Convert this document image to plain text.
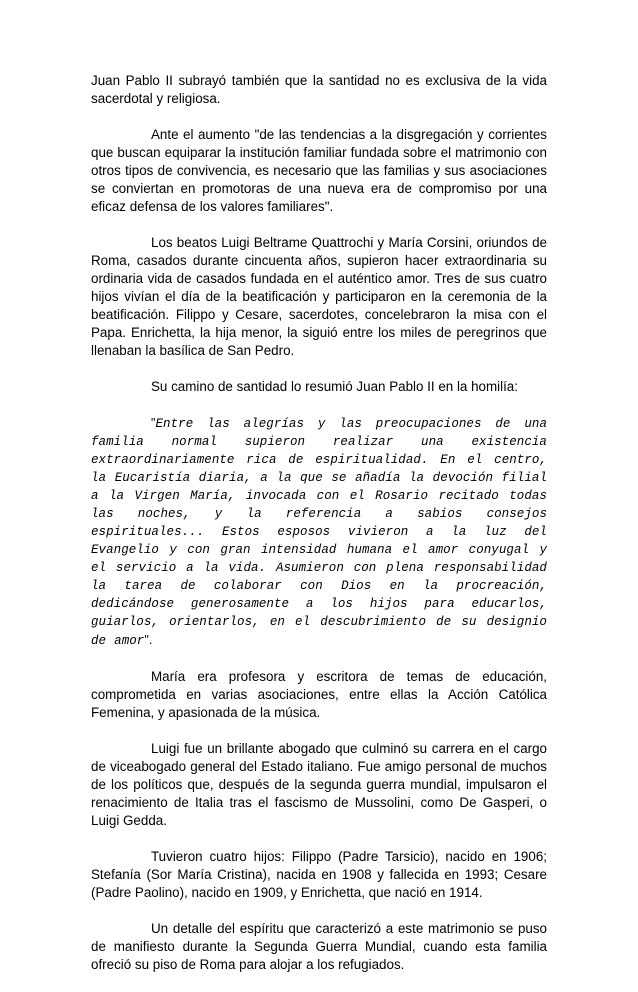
Juan Pablo II subrayó también que la santidad no es exclusiva de la vida sacerdotal y religiosa.

Ante el aumento "de las tendencias a la disgregación y corrientes que buscan equiparar la institución familiar fundada sobre el matrimonio con otros tipos de convivencia, es necesario que las familias y sus asociaciones se conviertan en promotoras de una nueva era de compromiso por una eficaz defensa de los valores familiares".

Los beatos Luigi Beltrame Quattrochi y María Corsini, oriundos de Roma, casados durante cincuenta años, supieron hacer extraordinaria su ordinaria vida de casados fundada en el auténtico amor. Tres de sus cuatro hijos vivían el día de la beatificación y participaron en la ceremonia de la beatificación. Filippo y Cesare, sacerdotes, concelebraron la misa con el Papa. Enrichetta, la hija menor, la siguió entre los miles de peregrinos que llenaban la basílica de San Pedro.

Su camino de santidad lo resumió Juan Pablo II en la homilía:

"Entre las alegrías y las preocupaciones de una familia normal supieron realizar una existencia extraordinariamente rica de espiritualidad. En el centro, la Eucaristía diaria, a la que se añadía la devoción filial a la Virgen María, invocada con el Rosario recitado todas las noches, y la referencia a sabios consejos espirituales... Estos esposos vivieron a la luz del Evangelio y con gran intensidad humana el amor conyugal y el servicio a la vida. Asumieron con plena responsabilidad la tarea de colaborar con Dios en la procreación, dedicándose generosamente a los hijos para educarlos, guiarlos, orientarlos, en el descubrimiento de su designio de amor".

María era profesora y escritora de temas de educación, comprometida en varias asociaciones, entre ellas la Acción Católica Femenina, y apasionada de la música.

Luigi fue un brillante abogado que culminó su carrera en el cargo de viceabogado general del Estado italiano. Fue amigo personal de muchos de los políticos que, después de la segunda guerra mundial, impulsaron el renacimiento de Italia tras el fascismo de Mussolini, como De Gasperi, o Luigi Gedda.

Tuvieron cuatro hijos: Filippo (Padre Tarsicio), nacido en 1906; Stefanía (Sor María Cristina), nacida en 1908 y fallecida en 1993; Cesare (Padre Paolino), nacido en 1909, y Enrichetta, que nació en 1914.

Un detalle del espíritu que caracterizó a este matrimonio se puso de manifiesto durante la Segunda Guerra Mundial, cuando esta familia ofreció su piso de Roma para alojar a los refugiados.
